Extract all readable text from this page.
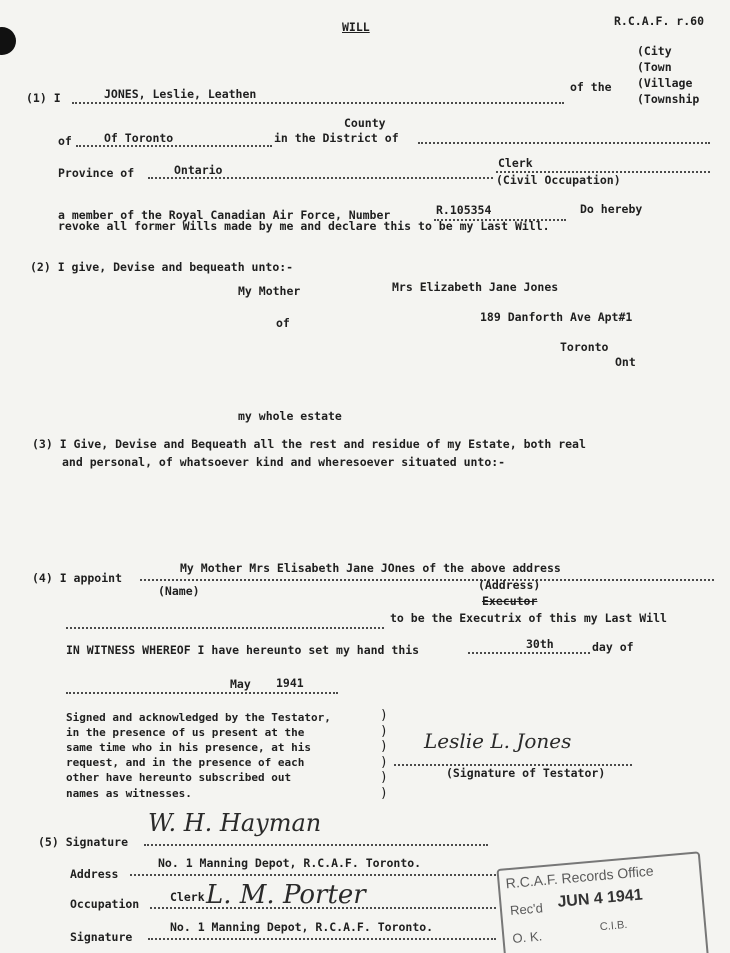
WILL	R.C.A.F. r.60
(City
(Town
(Village
(Township
(1) I	JONES, Leslie, Leathen	of the
County
of	Of Toronto	in the District of
Province of	Ontario	Clerk
(Civil Occupation)
a member of the Royal Canadian Air Force, Number	R.105354	Do hereby
revoke all former Wills made by me and declare this to be my Last Will.
(2) I give, Devise and bequeath unto:-
My Mother	Mrs Elizabeth Jane Jones
of	189 Danforth Ave Apt#1
Toronto
Ont
my whole estate
(3) I Give, Devise and Bequeath all the rest and residue of my Estate, both real
and personal, of whatsoever kind and wheresoever situated unto:-
(4) I appoint
My Mother Mrs Elisabeth Jane JOnes of the above address
(Name)	(Address)
Executor
to be the Executrix of this my Last Will
IN WITNESS WHEREOF I have hereunto set my hand this	30th	day of
May 1941
Signed and acknowledged by the Testator,
in the presence of us present at the
same time who in his presence, at his
request, and in the presence of each
other have hereunto subscribed out
names as witnesses.
)
)
)
)
)
)
Leslie L. Jones
(Signature of Testator)
(5) Signature
W. H. Hayman
Address
No. 1 Manning Depot, R.C.A.F. Toronto.
Occupation	Clerk
Signature
No. 1 Manning Depot, R.C.A.F. Toronto.
L. M. Porter
R.C.A.F. Records Office
Rec'd JUN 4 1941
O. K.
C.I.B.
